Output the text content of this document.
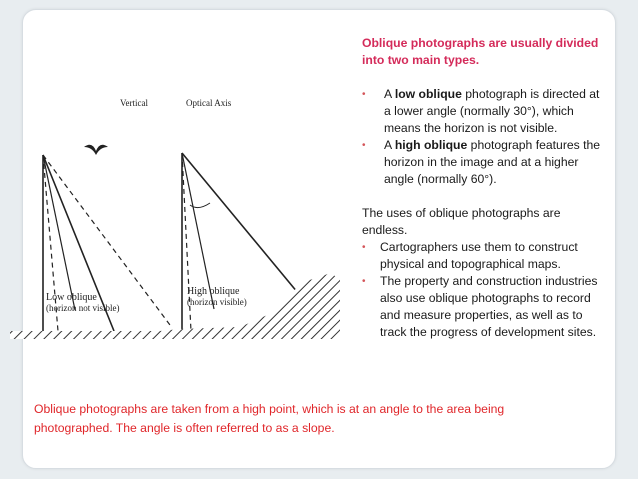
Vertical	Optical Axis
Low oblique
(horizon not visible)
High oblique
(horizon visible)

Oblique photographs are usually divided into two main types.

• A low oblique photograph is directed at a lower angle (normally 30°), which means the horizon is not visible.
• A high oblique photograph features the horizon in the image and at a higher angle (normally 60°).

The uses of oblique photographs are endless.

• Cartographers use them to construct physical and topographical maps.
• The property and construction industries also use oblique photographs to record and measure properties, as well as to track the progress of development sites.
Oblique photographs are taken from a high point, which is at an angle to the area being photographed. The angle is often referred to as a slope.
